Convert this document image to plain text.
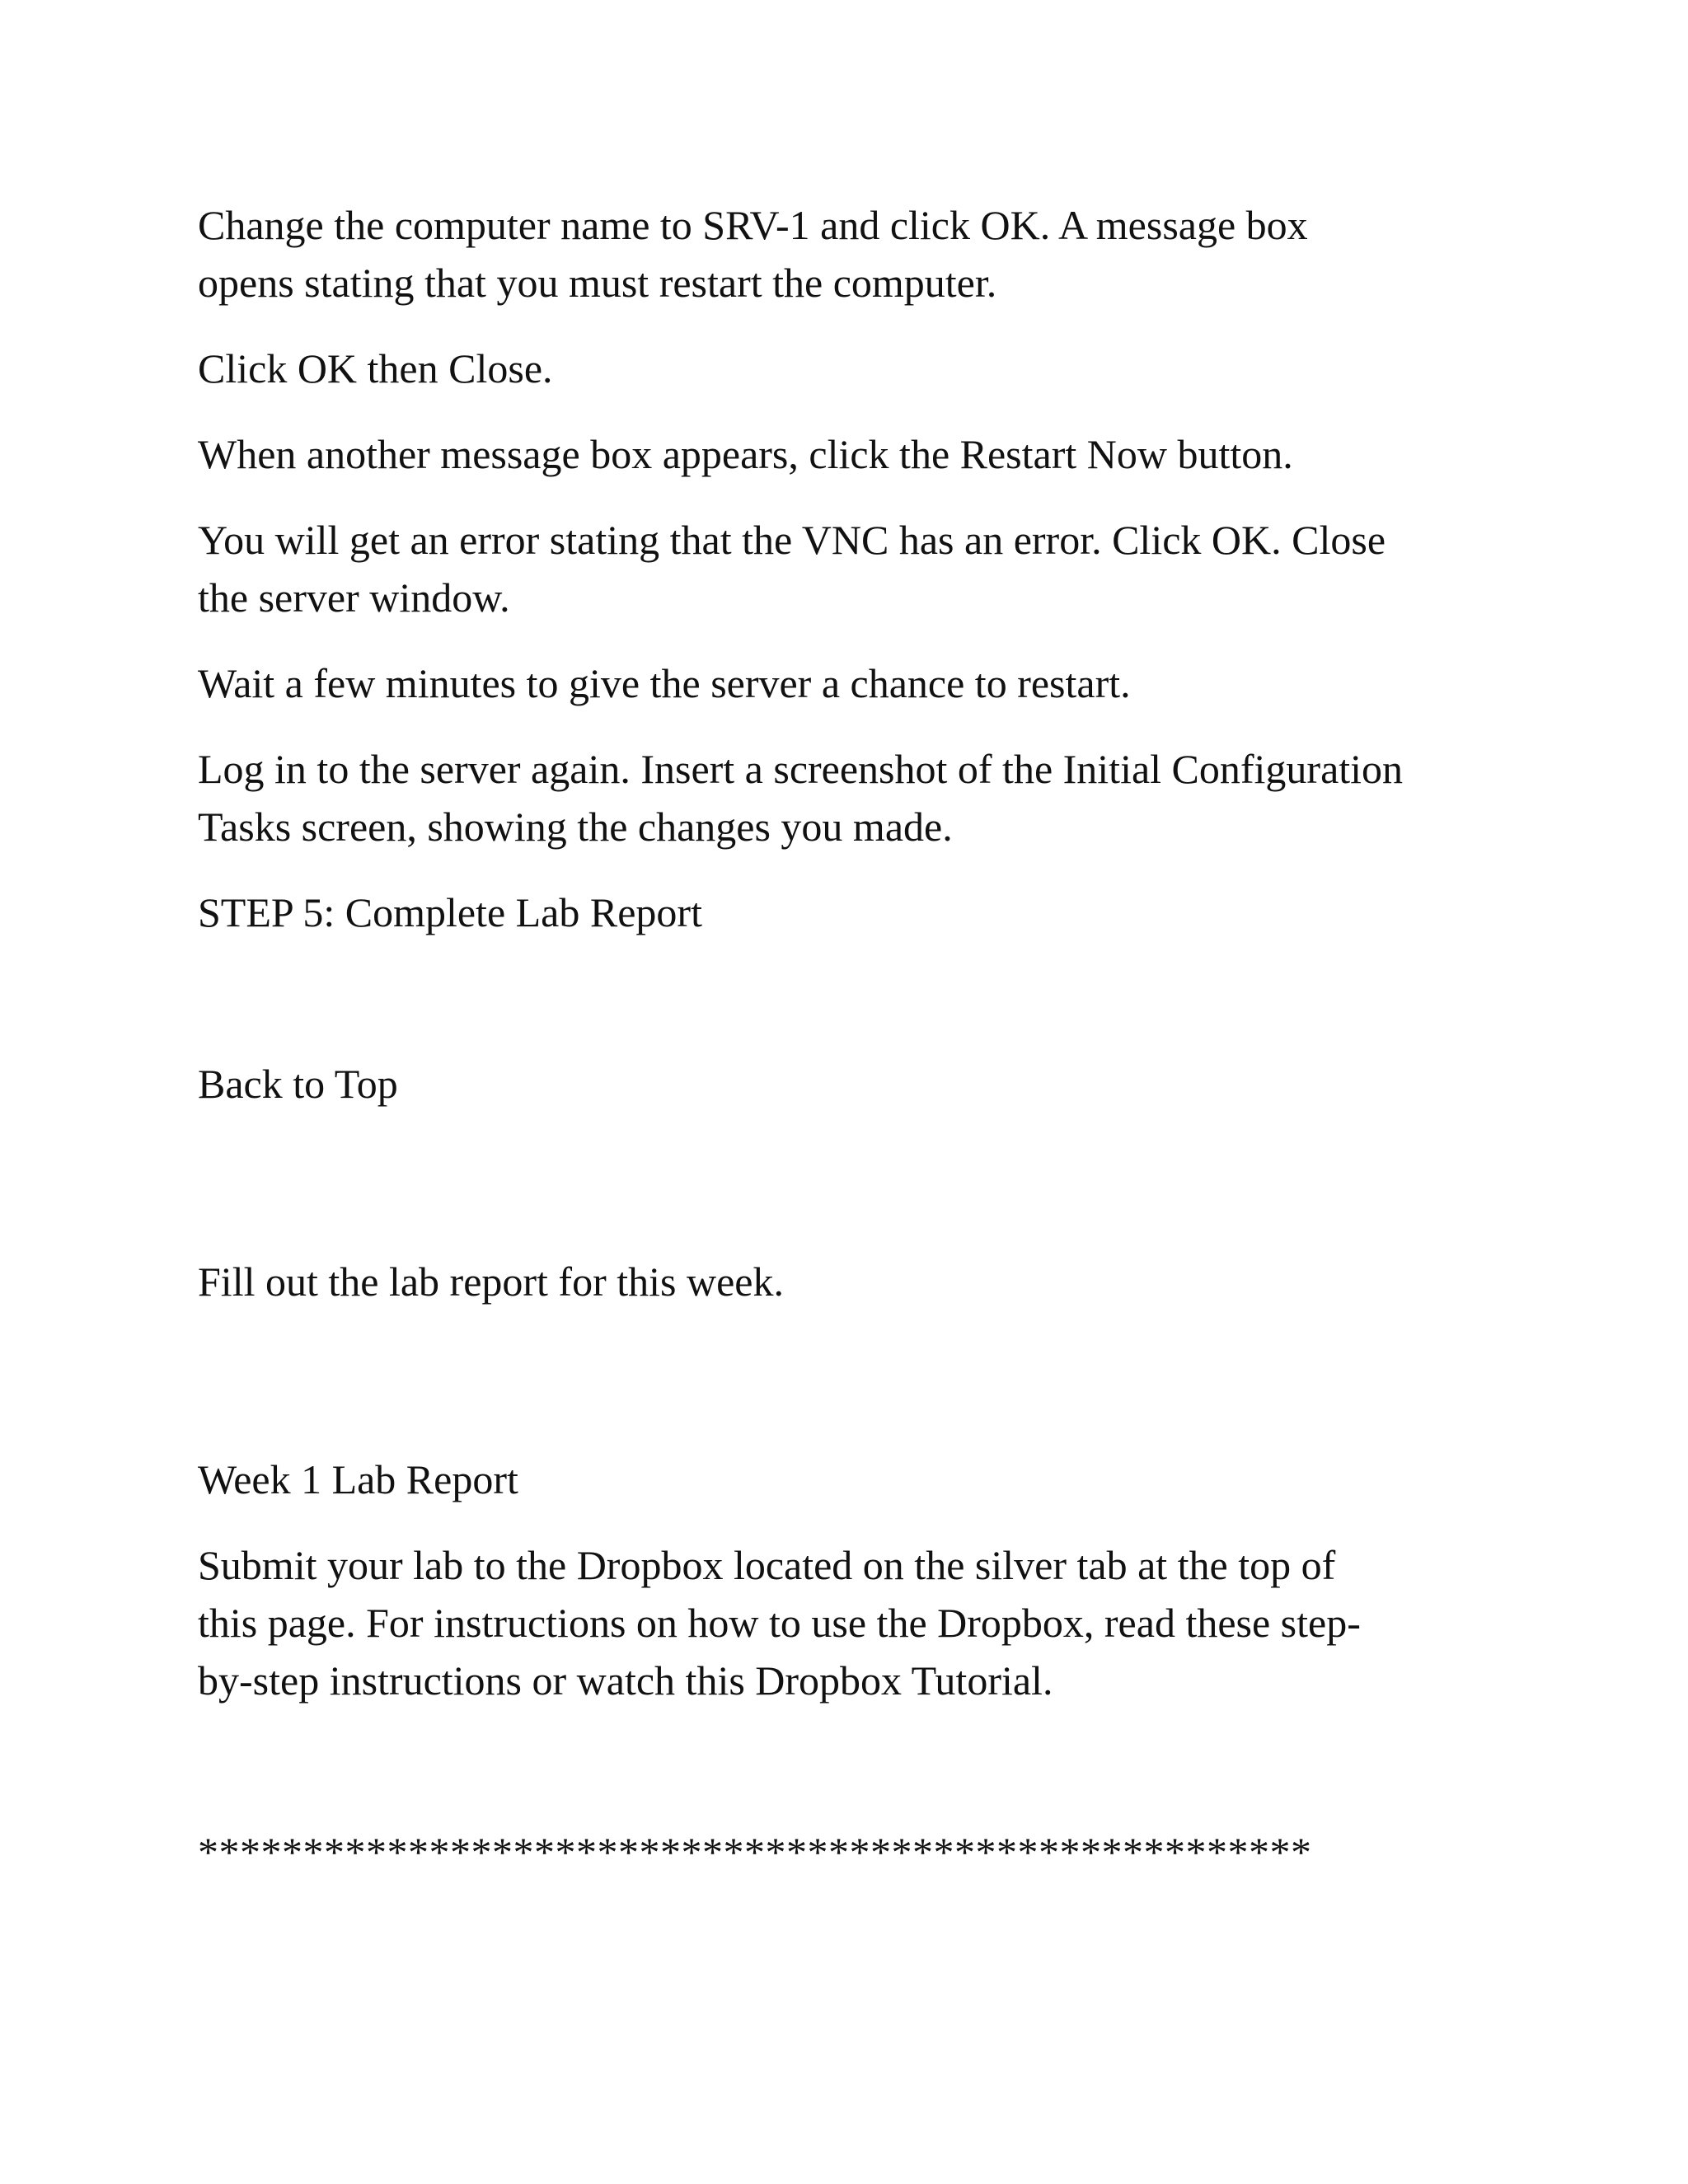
Change the computer name to SRV-1 and click OK. A message box
opens stating that you must restart the computer.

Click OK then Close.

When another message box appears, click the Restart Now button.

You will get an error stating that the VNC has an error. Click OK. Close
the server window.

Wait a few minutes to give the server a chance to restart.

Log in to the server again. Insert a screenshot of the Initial Configuration
Tasks screen, showing the changes you made.

STEP 5: Complete Lab Report

Back to Top

Fill out the lab report for this week.

Week 1 Lab Report

Submit your lab to the Dropbox located on the silver tab at the top of
this page. For instructions on how to use the Dropbox, read these step-
by-step instructions or watch this Dropbox Tutorial.

*****************************************************
